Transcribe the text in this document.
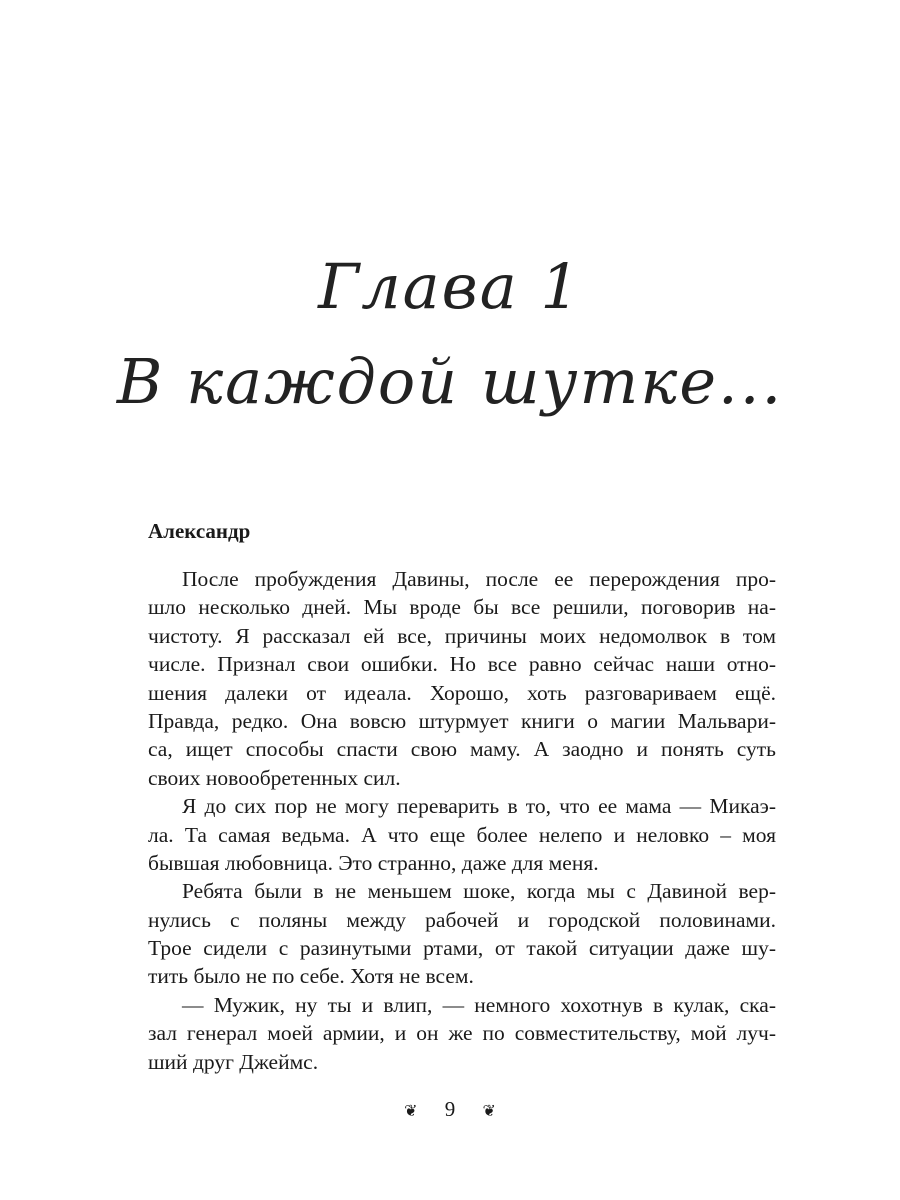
Глава 1
В каждой шутке...
Александр
После пробуждения Давины, после ее перерождения про-
шло несколько дней. Мы вроде бы все решили, поговорив на-
чистоту. Я рассказал ей все, причины моих недомолвок в том
числе. Признал свои ошибки. Но все равно сейчас наши отно-
шения далеки от идеала. Хорошо, хоть разговариваем ещё.
Правда, редко. Она вовсю штурмует книги о магии Мальвари-
са, ищет способы спасти свою маму. А заодно и понять суть
своих новообретенных сил.
Я до сих пор не могу переварить в то, что ее мама — Микаэ-
ла. Та самая ведьма. А что еще более нелепо и неловко – моя
бывшая любовница. Это странно, даже для меня.
Ребята были в не меньшем шоке, когда мы с Давиной вер-
нулись с поляны между рабочей и городской половинами.
Трое сидели с разинутыми ртами, от такой ситуации даже шу-
тить было не по себе. Хотя не всем.
— Мужик, ну ты и влип, — немного хохотнув в кулак, ска-
зал генерал моей армии, и он же по совместительству, мой луч-
ший друг Джеймс.
❦ 9 ❦
